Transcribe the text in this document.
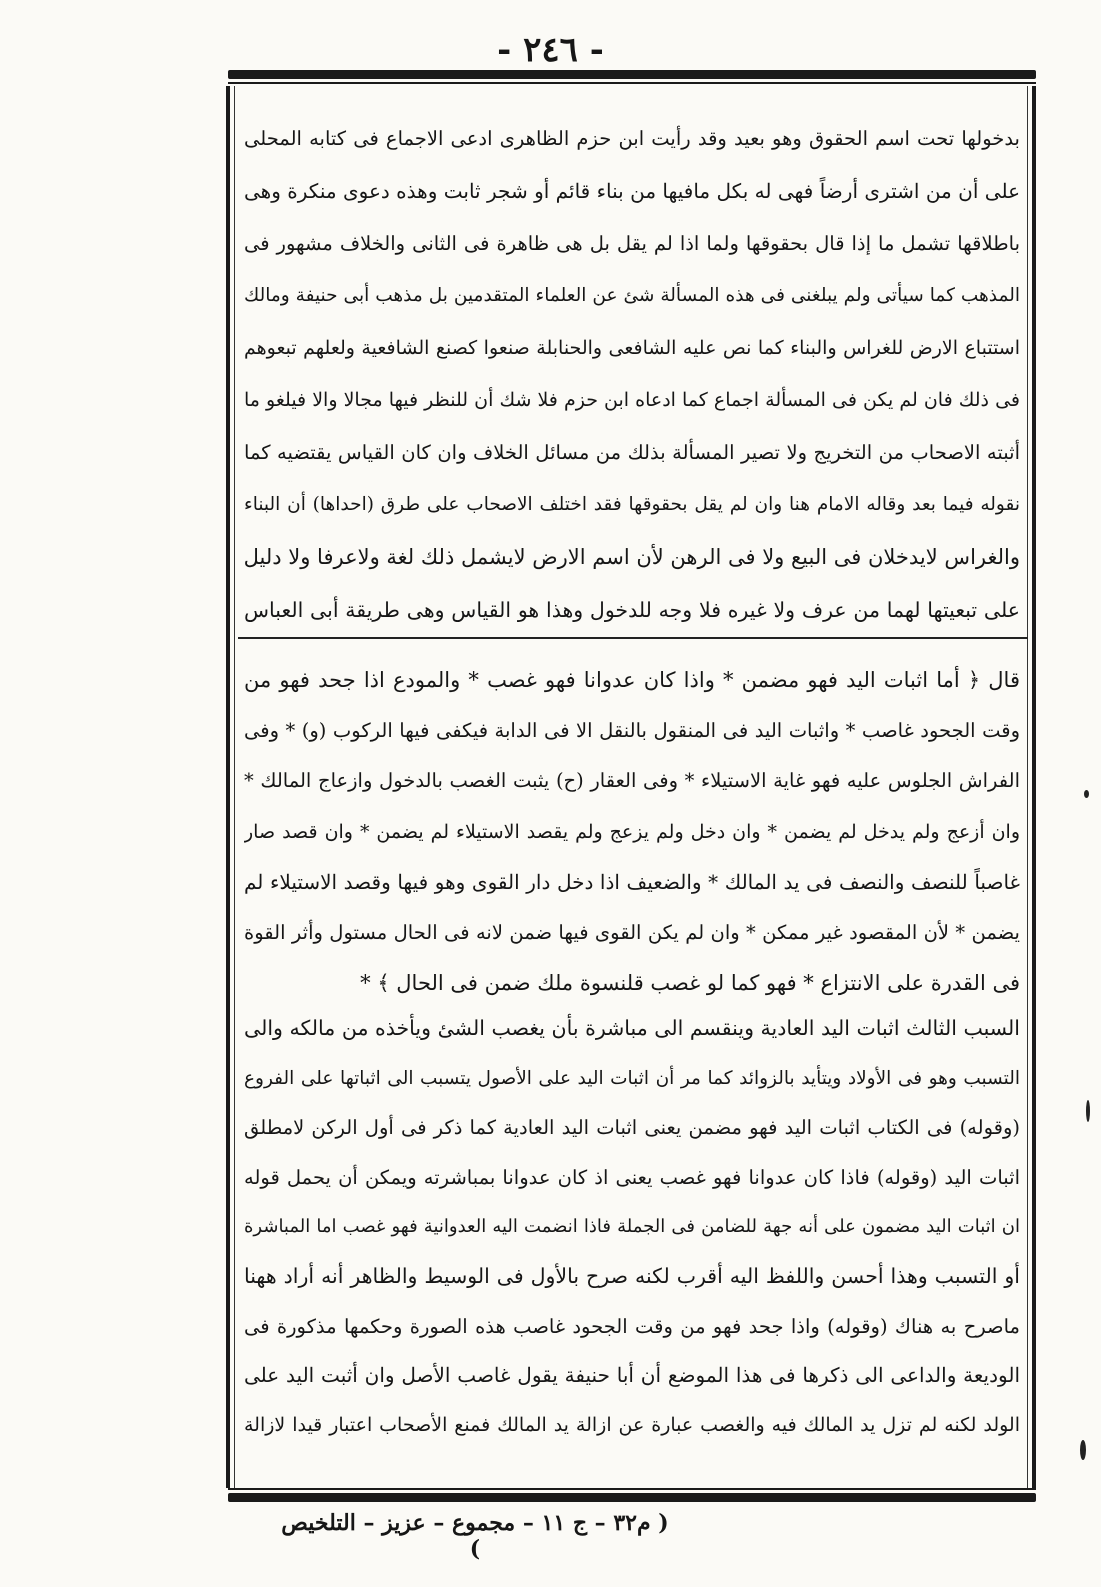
- ٢٤٦ -
بدخولها تحت اسم الحقوق وهو بعيد وقد رأيت ابن حزم الظاهرى ادعى الاجماع فى كتابه المحلى
على أن من اشترى أرضاً فهى له بكل مافيها من بناء قائم أو شجر ثابت وهذه دعوى منكرة وهى
باطلاقها تشمل ما إذا قال بحقوقها ولما اذا لم يقل بل هى ظاهرة فى الثانى والخلاف مشهور فى
المذهب كما سيأتى ولم يبلغنى فى هذه المسألة شئ عن العلماء المتقدمين بل مذهب أبى حنيفة ومالك
استتباع الارض للغراس والبناء كما نص عليه الشافعى والحنابلة صنعوا كصنع الشافعية ولعلهم تبعوهم
فى ذلك فان لم يكن فى المسألة اجماع كما ادعاه ابن حزم فلا شك أن للنظر فيها مجالا والا فيلغو ما
أثبته الاصحاب من التخريج ولا تصير المسألة بذلك من مسائل الخلاف وان كان القياس يقتضيه كما
نقوله فيما بعد وقاله الامام هنا وان لم يقل بحقوقها فقد اختلف الاصحاب على طرق (احداها) أن البناء
والغراس لايدخلان فى البيع ولا فى الرهن لأن اسم الارض لايشمل ذلك لغة ولاعرفا ولا دليل
على تبعيتها لهما من عرف ولا غيره فلا وجه للدخول وهذا هو القياس وهى طريقة أبى العباس
قال ﴿ أما اثبات اليد فهو مضمن * واذا كان عدوانا فهو غصب * والمودع اذا جحد فهو من
وقت الجحود غاصب * واثبات اليد فى المنقول بالنقل الا فى الدابة فيكفى فيها الركوب (و) * وفى
الفراش الجلوس عليه فهو غاية الاستيلاء * وفى العقار (ح) يثبت الغصب بالدخول وازعاج المالك *
وان أزعج ولم يدخل لم يضمن * وان دخل ولم يزعج ولم يقصد الاستيلاء لم يضمن * وان قصد صار
غاصباً للنصف والنصف فى يد المالك * والضعيف اذا دخل دار القوى وهو فيها وقصد الاستيلاء لم
يضمن * لأن المقصود غير ممكن * وان لم يكن القوى فيها ضمن لانه فى الحال مستول وأثر القوة
فى القدرة على الانتزاع * فهو كما لو غصب قلنسوة ملك ضمن فى الحال ﴾ *
السبب الثالث اثبات اليد العادية وينقسم الى مباشرة بأن يغصب الشئ ويأخذه من مالكه والى
التسبب وهو فى الأولاد ويتأيد بالزوائد كما مر أن اثبات اليد على الأصول يتسبب الى اثباتها على الفروع
(وقوله) فى الكتاب اثبات اليد فهو مضمن يعنى اثبات اليد العادية كما ذكر فى أول الركن لامطلق
اثبات اليد (وقوله) فاذا كان عدوانا فهو غصب يعنى اذ كان عدوانا بمباشرته ويمكن أن يحمل قوله
ان اثبات اليد مضمون على أنه جهة للضامن فى الجملة فاذا انضمت اليه العدوانية فهو غصب اما المباشرة
أو التسبب وهذا أحسن واللفظ اليه أقرب لكنه صرح بالأول فى الوسيط والظاهر أنه أراد ههنا
ماصرح به هناك (وقوله) واذا جحد فهو من وقت الجحود غاصب هذه الصورة وحكمها مذكورة فى
الوديعة والداعى الى ذكرها فى هذا الموضع أن أبا حنيفة يقول غاصب الأصل وان أثبت اليد على
الولد لكنه لم تزل يد المالك فيه والغصب عبارة عن ازالة يد المالك فمنع الأصحاب اعتبار قيدا لازالة
( م٣٢ – ج ١١ – مجموع – عزيز – التلخيص )
